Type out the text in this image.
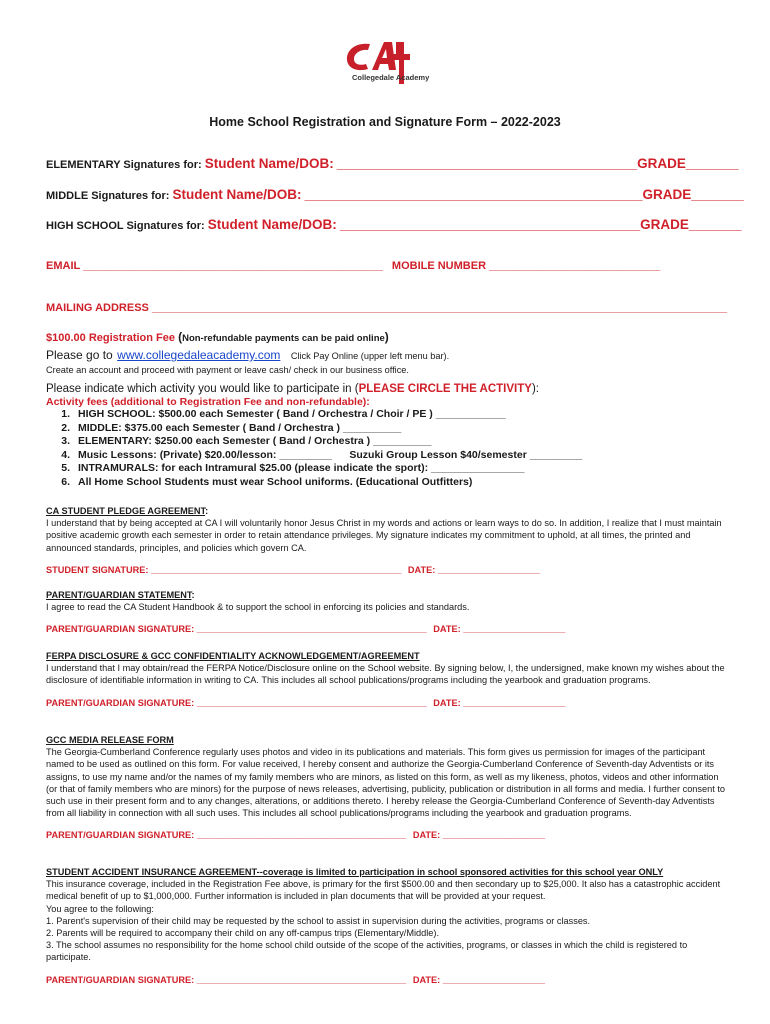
Collegedale Academy
Home School Registration and Signature Form – 2022-2023
ELEMENTARY Signatures for: Student Name/DOB: ________________________________________GRADE_______
MIDDLE Signatures for: Student Name/DOB: _____________________________________________GRADE_______
HIGH SCHOOL Signatures for: Student Name/DOB: ________________________________________GRADE_______
EMAIL _________________________________________________ MOBILE NUMBER ____________________________
MAILING ADDRESS ______________________________________________________________________________________________
$100.00 Registration Fee (Non-refundable payments can be paid online)
Please go to www.collegedaleacademy.com Click Pay Online (upper left menu bar).
Create an account and proceed with payment or leave cash/ check in our business office.
Please indicate which activity you would like to participate in (PLEASE CIRCLE THE ACTIVITY):
Activity fees (additional to Registration Fee and non-refundable):
1. HIGH SCHOOL: $500.00 each Semester ( Band / Orchestra / Choir / PE ) ____________
2. MIDDLE: $375.00 each Semester ( Band / Orchestra ) __________
3. ELEMENTARY: $250.00 each Semester ( Band / Orchestra ) __________
4. Music Lessons: (Private) $20.00/lesson: _________      Suzuki Group Lesson $40/semester _________
5. INTRAMURALS: for each Intramural $25.00 (please indicate the sport): ________________
6. All Home School Students must wear School uniforms. (Educational Outfitters)
CA STUDENT PLEDGE AGREEMENT:
I understand that by being accepted at CA I will voluntarily honor Jesus Christ in my words and actions or learn ways to do so. In addition, I realize that I must maintain positive academic growth each semester in order to retain attendance privileges. My signature indicates my commitment to uphold, at all times, the printed and announced standards, principles, and policies which govern CA.
STUDENT SIGNATURE: _________________________________________________ DATE: ____________________
PARENT/GUARDIAN STATEMENT:
I agree to read the CA Student Handbook & to support the school in enforcing its policies and standards.
PARENT/GUARDIAN SIGNATURE: _____________________________________________ DATE: ____________________
FERPA DISCLOSURE & GCC CONFIDENTIALITY ACKNOWLEDGEMENT/AGREEMENT
I understand that I may obtain/read the FERPA Notice/Disclosure online on the School website. By signing below, I, the undersigned, make known my wishes about the disclosure of identifiable information in writing to CA. This includes all school publications/programs including the yearbook and graduation programs.
PARENT/GUARDIAN SIGNATURE: _____________________________________________ DATE: ____________________
GCC MEDIA RELEASE FORM
The Georgia-Cumberland Conference regularly uses photos and video in its publications and materials. This form gives us permission for images of the participant named to be used as outlined on this form. For value received, I hereby consent and authorize the Georgia-Cumberland Conference of Seventh-day Adventists or its assigns, to use my name and/or the names of my family members who are minors, as listed on this form, as well as my likeness, photos, videos and other information (or that of family members who are minors) for the purpose of news releases, advertising, publicity, publication or distribution in all forms and media. I further consent to such use in their present form and to any changes, alterations, or additions thereto. I hereby release the Georgia-Cumberland Conference of Seventh-day Adventists from all liability in connection with all such uses. This includes all school publications/programs including the yearbook and graduation programs.
PARENT/GUARDIAN SIGNATURE: _________________________________________ DATE: ____________________
STUDENT ACCIDENT INSURANCE AGREEMENT--coverage is limited to participation in school sponsored activities for this school year ONLY
This insurance coverage, included in the Registration Fee above, is primary for the first $500.00 and then secondary up to $25,000. It also has a catastrophic accident medical benefit of up to $1,000,000. Further information is included in plan documents that will be provided at your request.
You agree to the following:
1. Parent's supervision of their child may be requested by the school to assist in supervision during the activities, programs or classes.
2. Parents will be required to accompany their child on any off-campus trips (Elementary/Middle).
3. The school assumes no responsibility for the home school child outside of the scope of the activities, programs, or classes in which the child is registered to participate.
PARENT/GUARDIAN SIGNATURE: _________________________________________ DATE: ____________________
